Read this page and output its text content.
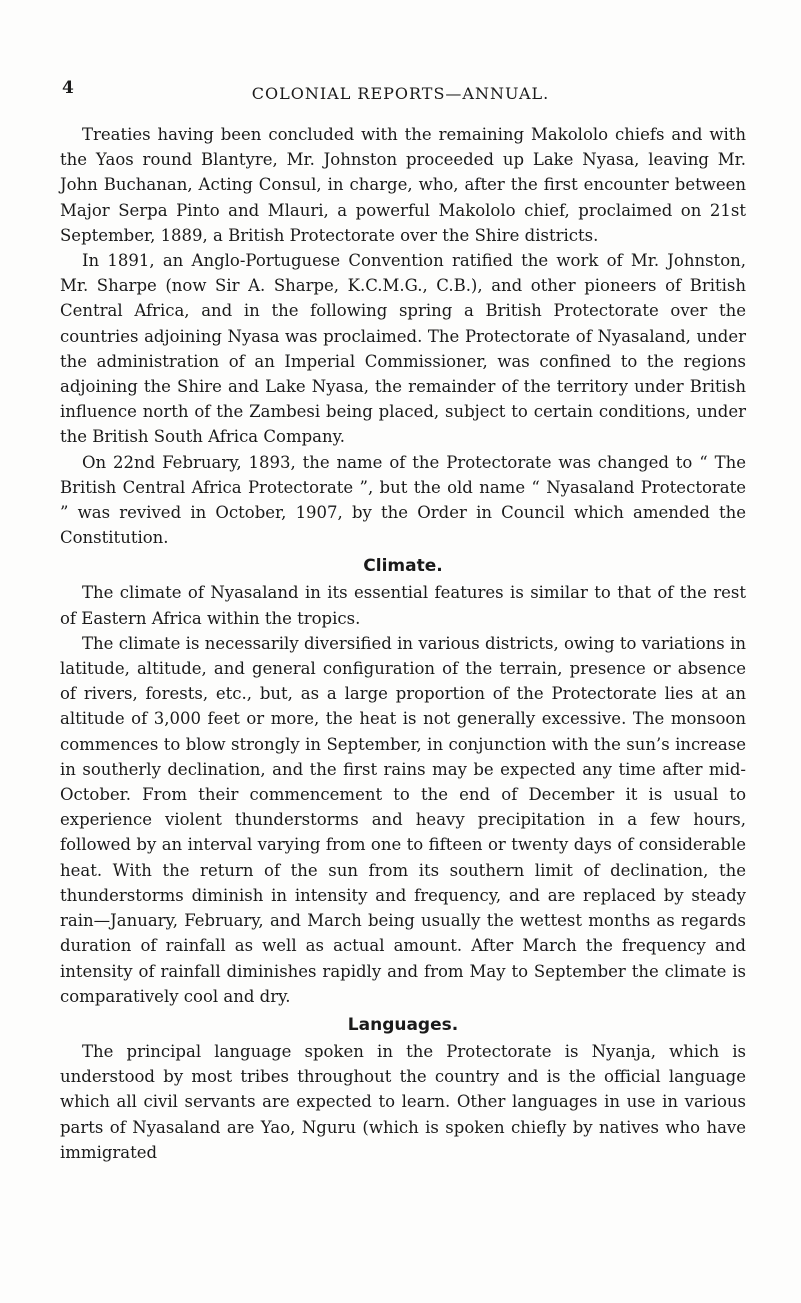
4	COLONIAL REPORTS—ANNUAL.

Treaties having been concluded with the remaining Makololo chiefs and with the Yaos round Blantyre, Mr. Johnston proceeded up Lake Nyasa, leaving Mr. John Buchanan, Acting Consul, in charge, who, after the first encounter between Major Serpa Pinto and Mlauri, a powerful Makololo chief, proclaimed on 21st September, 1889, a British Protectorate over the Shire districts.

In 1891, an Anglo-Portuguese Convention ratified the work of Mr. Johnston, Mr. Sharpe (now Sir A. Sharpe, K.C.M.G., C.B.), and other pioneers of British Central Africa, and in the following spring a British Protectorate over the countries adjoining Nyasa was proclaimed. The Protectorate of Nyasaland, under the administration of an Imperial Commissioner, was confined to the regions adjoining the Shire and Lake Nyasa, the remainder of the territory under British influence north of the Zambesi being placed, subject to certain conditions, under the British South Africa Company.

On 22nd February, 1893, the name of the Protectorate was changed to “ The British Central Africa Protectorate ”, but the old name “ Nyasaland Protectorate ” was revived in October, 1907, by the Order in Council which amended the Constitution.

Climate.

The climate of Nyasaland in its essential features is similar to that of the rest of Eastern Africa within the tropics.

The climate is necessarily diversified in various districts, owing to variations in latitude, altitude, and general configuration of the terrain, presence or absence of rivers, forests, etc., but, as a large proportion of the Protectorate lies at an altitude of 3,000 feet or more, the heat is not generally excessive. The monsoon commences to blow strongly in September, in conjunction with the sun’s increase in southerly declination, and the first rains may be expected any time after mid-October. From their commencement to the end of December it is usual to experience violent thunderstorms and heavy precipitation in a few hours, followed by an interval varying from one to fifteen or twenty days of considerable heat. With the return of the sun from its southern limit of declination, the thunderstorms diminish in intensity and frequency, and are replaced by steady rain—January, February, and March being usually the wettest months as regards duration of rainfall as well as actual amount. After March the frequency and intensity of rainfall diminishes rapidly and from May to September the climate is comparatively cool and dry.

Languages.

The principal language spoken in the Protectorate is Nyanja, which is understood by most tribes throughout the country and is the official language which all civil servants are expected to learn. Other languages in use in various parts of Nyasaland are Yao, Nguru (which is spoken chiefly by natives who have immigrated
